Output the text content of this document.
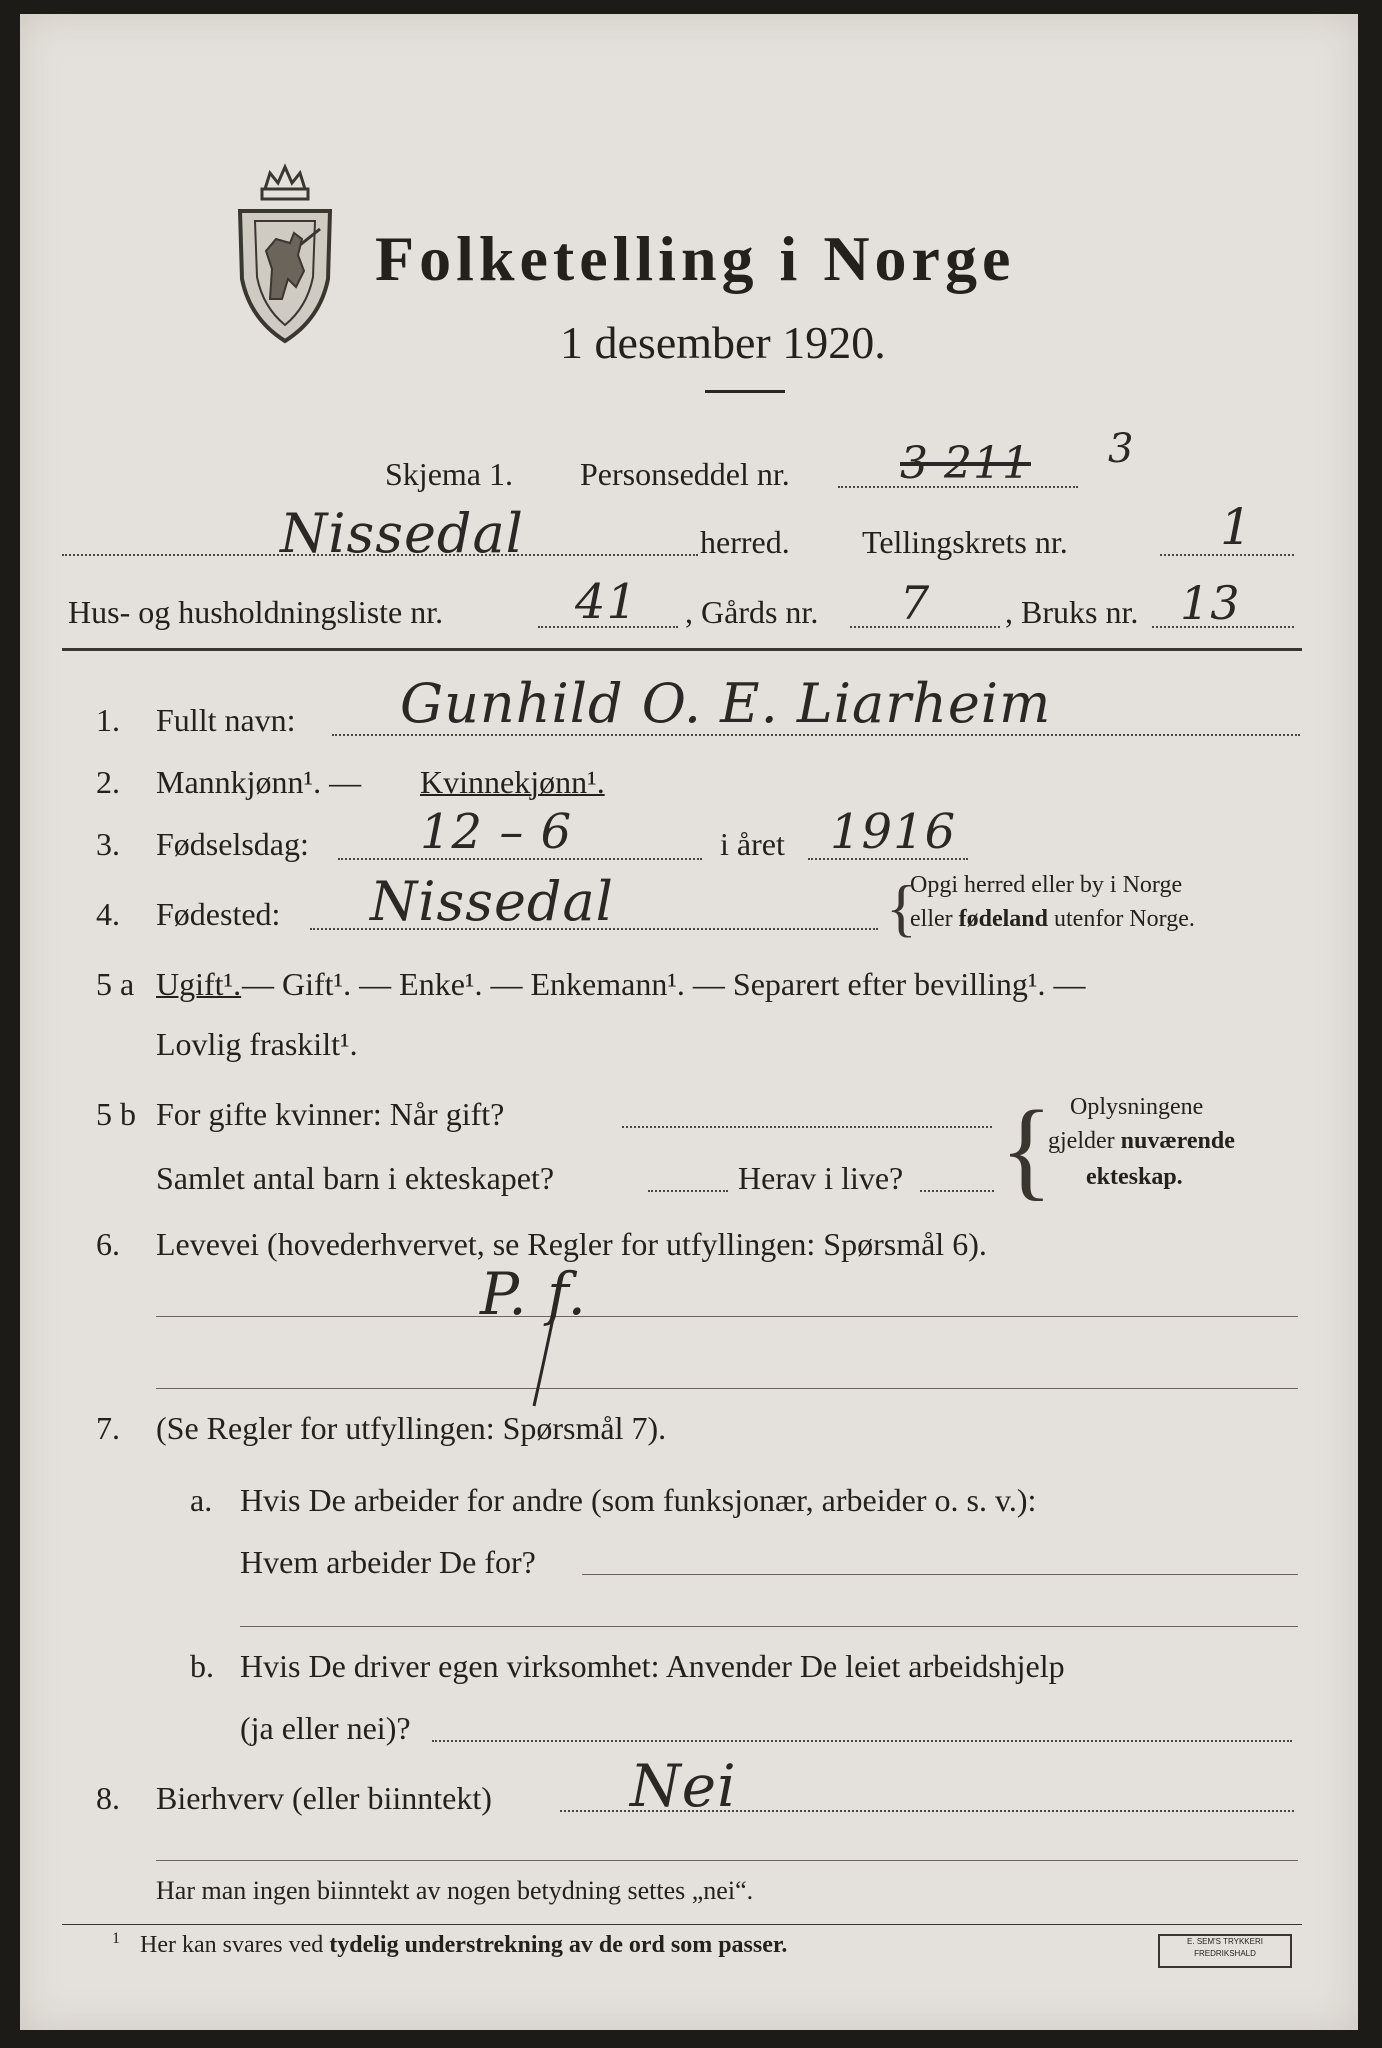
Folketelling i Norge
1 desember 1920.
Skjema 1. Personseddel nr.	3 211 3
Nissedal	herred. Tellingskrets nr.	1
Hus- og husholdningsliste nr.	41 , Gårds nr. 7 , Bruks nr. 13
1. Fullt navn: Gunhild O. E. Liarheim
2. Mannkjønn¹. — Kvinnekjønn¹.
3. Fødselsdag: 12 – 6	i året 1916
4. Fødested: Nissedal	{
Opgi herred eller by i Norge
eller fødeland utenfor Norge.
5 a Ugift¹. — Gift¹. — Enke¹. — Enkemann¹. — Separert efter bevilling¹. —
Lovlig fraskilt¹.
5 b For gifte kvinner: Når gift?
Samlet antal barn i ekteskapet?	Herav i live? { Oplysningene
gjelder nuværende
ekteskap.
6. Levevei (hovederhvervet, se Regler for utfyllingen: Spørsmål 6).
P. f.
7. (Se Regler for utfyllingen: Spørsmål 7).
a. Hvis De arbeider for andre (som funksjonær, arbeider o. s. v.):
Hvem arbeider De for?
b. Hvis De driver egen virksomhet: Anvender De leiet arbeidshjelp
(ja eller nei)?
8. Bierhverv (eller biinntekt) Nei
Har man ingen biinntekt av nogen betydning settes „nei“.
1 Her kan svares ved tydelig understrekning av de ord som passer.	E. SEM'S TRYKKERI
FREDRIKSHALD
